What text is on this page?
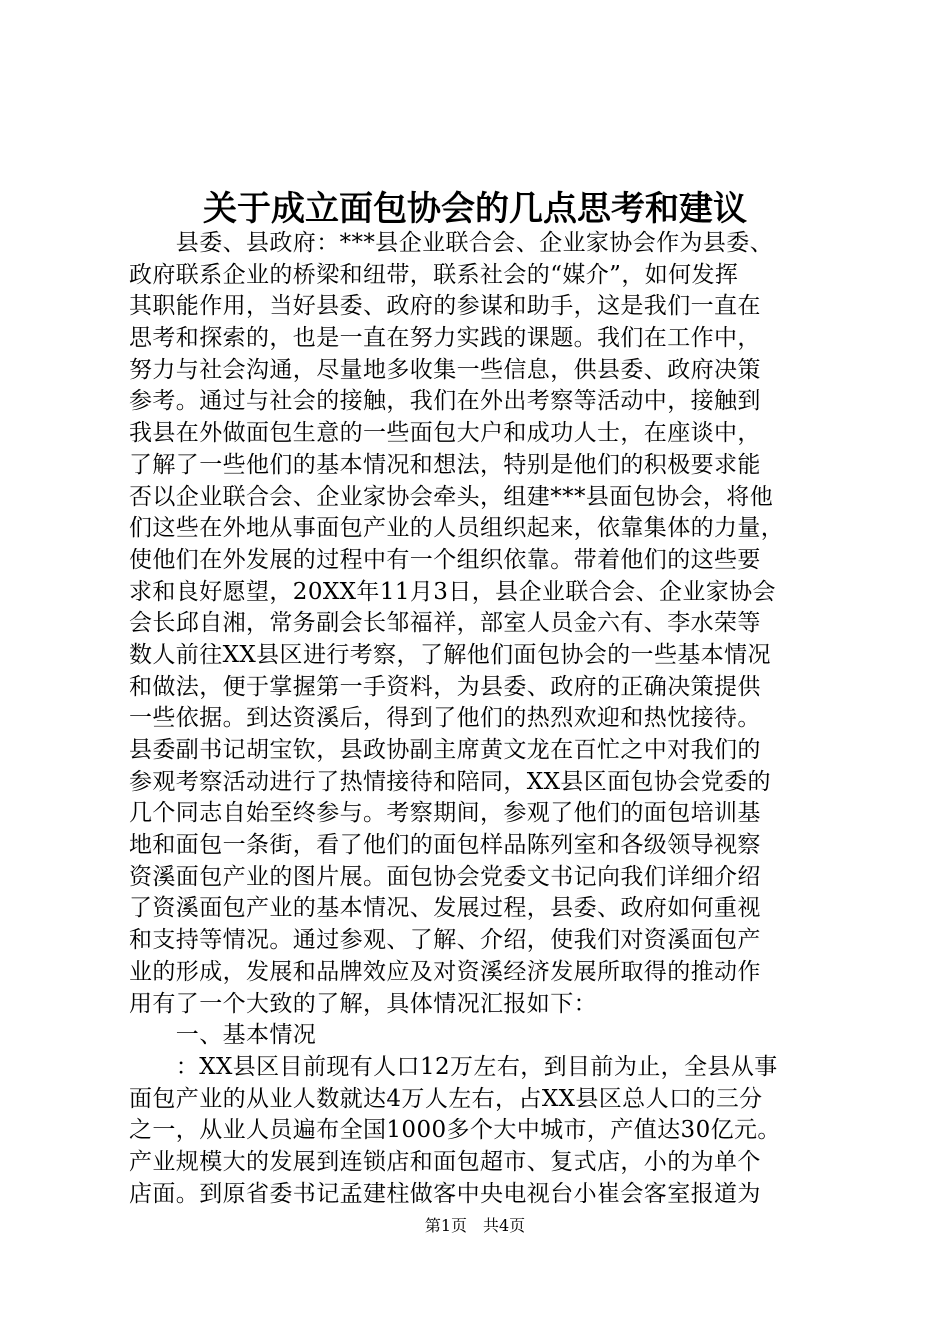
关于成立面包协会的几点思考和建议
　　县委、县政府：***县企业联合会、企业家协会作为县委、
政府联系企业的桥梁和纽带，联系社会的“媒介”，如何发挥
其职能作用，当好县委、政府的参谋和助手，这是我们一直在
思考和探索的，也是一直在努力实践的课题。我们在工作中，
努力与社会沟通，尽量地多收集一些信息，供县委、政府决策
参考。通过与社会的接触，我们在外出考察等活动中，接触到
我县在外做面包生意的一些面包大户和成功人士，在座谈中，
了解了一些他们的基本情况和想法，特别是他们的积极要求能
否以企业联合会、企业家协会牵头，组建***县面包协会，将他
们这些在外地从事面包产业的人员组织起来，依靠集体的力量，
使他们在外发展的过程中有一个组织依靠。带着他们的这些要
求和良好愿望，20XX年11月3日，县企业联合会、企业家协会
会长邱自湘，常务副会长邹福祥，部室人员金六有、李水荣等
数人前往XX县区进行考察，了解他们面包协会的一些基本情况
和做法，便于掌握第一手资料，为县委、政府的正确决策提供
一些依据。到达资溪后，得到了他们的热烈欢迎和热忱接待。
县委副书记胡宝钦，县政协副主席黄文龙在百忙之中对我们的
参观考察活动进行了热情接待和陪同，XX县区面包协会党委的
几个同志自始至终参与。考察期间，参观了他们的面包培训基
地和面包一条街，看了他们的面包样品陈列室和各级领导视察
资溪面包产业的图片展。面包协会党委文书记向我们详细介绍
了资溪面包产业的基本情况、发展过程，县委、政府如何重视
和支持等情况。通过参观、了解、介绍，使我们对资溪面包产
业的形成，发展和品牌效应及对资溪经济发展所取得的推动作
用有了一个大致的了解，具体情况汇报如下：
　　一、基本情况
　　：XX县区目前现有人口12万左右，到目前为止，全县从事
面包产业的从业人数就达4万人左右，占XX县区总人口的三分
之一，从业人员遍布全国1000多个大中城市，产值达30亿元。
产业规模大的发展到连锁店和面包超市、复式店，小的为单个
店面。到原省委书记孟建柱做客中央电视台小崔会客室报道为
第1页　共4页
